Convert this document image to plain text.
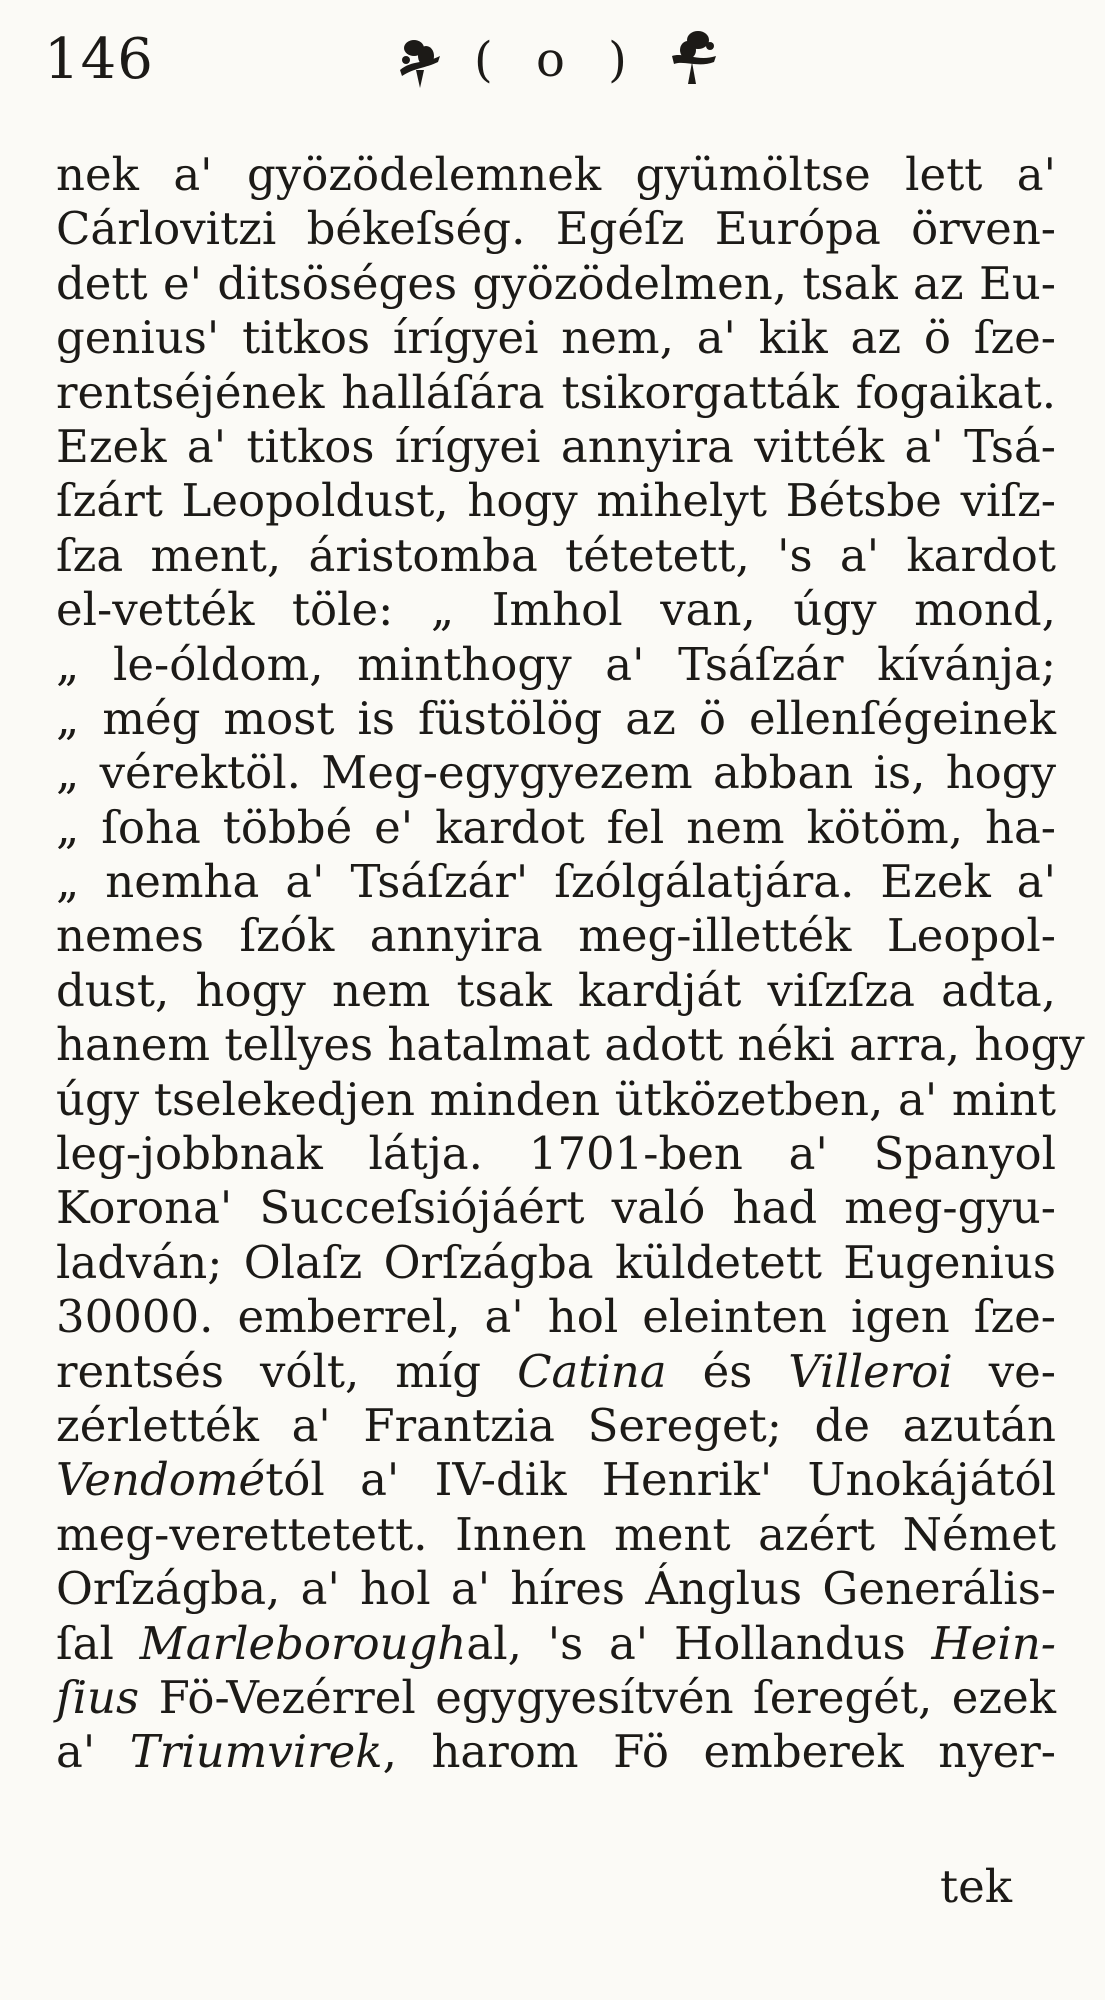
146	( o )
nek a' gyözödelemnek gyümöltse lett a'
Cárlovitzi békeſség. Egéſz Európa örven-
dett e' ditsöséges gyözödelmen, tsak az Eu-
genius' titkos írígyei nem, a' kik az ö ſze-
rentséjének halláſára tsikorgatták fogaikat.
Ezek a' titkos írígyei annyira vitték a' Tsá-
ſzárt Leopoldust, hogy mihelyt Bétsbe viſz-
ſza ment, áristomba tétetett, 's a' kardot
el-vették töle: „ Imhol van, úgy mond,
„ le-óldom, minthogy a' Tsáſzár kívánja;
„ még most is füstölög az ö ellenſégeinek
„ vérektöl. Meg-egygyezem abban is, hogy
„ ſoha többé e' kardot fel nem kötöm, ha-
„ nemha a' Tsáſzár' ſzólgálatjára. Ezek a'
nemes ſzók annyira meg-illették Leopol-
dust, hogy nem tsak kardját viſzſza adta,
hanem tellyes hatalmat adott néki arra, hogy
úgy tselekedjen minden ütközetben, a' mint
leg-jobbnak látja. 1701-ben a' Spanyol
Korona' Succeſsiójáért való had meg-gyu-
ladván; Olaſz Orſzágba küldetett Eugenius
30000. emberrel, a' hol eleinten igen ſze-
rentsés vólt, míg Catina és Villeroi ve-
zérlették a' Frantzia Sereget; de azután
Vendométól a' IV-dik Henrik' Unokájától
meg-verettetett. Innen ment azért Német
Orſzágba, a' hol a' híres Ánglus Generális-
ſal Marleboroughal, 's a' Hollandus Hein-
ſius Fö-Vezérrel egygyesítvén ſeregét, ezek
a' Triumvirek, harom Fö emberek nyer-
tek
